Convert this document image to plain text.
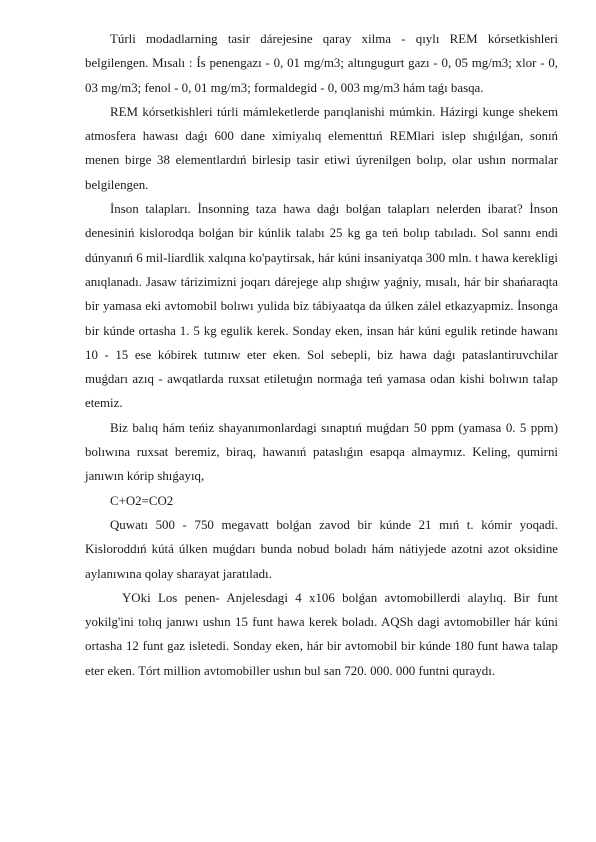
Túrli modadlarning tasir dárejesine qaray xilma - qıylı REM kórsetkishleri belgilengen. Mısalı : Ís penengazı - 0, 01 mg/m3; altıngugurt gazı - 0, 05 mg/m3; xlor - 0, 03 mg/m3; fenol - 0, 01 mg/m3; formaldegid - 0, 003 mg/m3 hám taǵı basqa.

REM kórsetkishleri túrli mámleketlerde parıqlanishi múmkin. Házirgi kunge shekem atmosfera hawası daǵı 600 dane ximiyalıq elementtıń REMlari islep shıǵılǵan, sonıń menen birge 38 elementlardıń birlesip tasir etiwi úyrenilgen bolıp, olar ushın normalar belgilengen.

İnson talapları. İnsonning taza hawa daǵı bolǵan talapları nelerden ibarat? İnson denesiniń kislorodqa bolǵan bir kúnlik talabı 25 kg ga teń bolıp tabıladı. Sol sannı endi dúnyanıń 6 mil-liardlik xalqına ko'paytirsak, hár kúni insaniyatqa 300 mln. t hawa kerekligi anıqlanadı. Jasaw tárizimizni joqarı dárejege alıp shıǵıw yaǵniy, mısalı, hár bir shańaraqta bir yamasa eki avtomobil bolıwı yulida biz tábiyaatqa da úlken zálel etkazyapmiz. İnsonga bir kúnde ortasha 1. 5 kg egulik kerek. Sonday eken, insan hár kúni egulik retinde hawanı 10 - 15 ese kóbirek tutınıw eter eken. Sol sebepli, biz hawa daǵı pataslantiruvchilar muǵdarı azıq - awqatlarda ruxsat etiletuǵın normaǵa teń yamasa odan kishi bolıwın talap etemiz.

Biz balıq hám teńiz shayanımonlardagi sınaptıń muǵdarı 50 ppm (yamasa 0. 5 ppm) bolıwına ruxsat beremiz, biraq, hawanıń pataslıǵın esapqa almaymız. Keling, qumirni janıwın kórip shıǵayıq,

C+O2=CO2

Quwatı 500 - 750 megavatt bolǵan zavod bir kúnde 21 mıń t. kómir yoqadi. Kisloroddıń kútá úlken muǵdarı bunda nobud boladı hám nátiyjede azotni azot oksidine aylanıwına qolay sharayat jaratıladı.

YOki Los penen- Anjelesdagi 4 x106 bolǵan avtomobillerdi alaylıq. Bir funt yokilg'ini tolıq janıwı ushın 15 funt hawa kerek boladı. AQSh dagi avtomobiller hár kúni ortasha 12 funt gaz isletedi. Sonday eken, hár bir avtomobil bir kúnde 180 funt hawa talap eter eken. Tórt million avtomobiller ushın bul san 720. 000. 000 funtni quraydı.
